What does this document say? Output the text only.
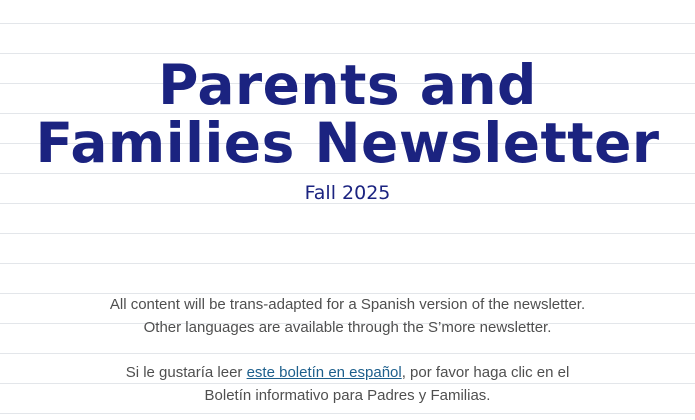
Parents and
Families Newsletter
Fall 2025
All content will be trans-adapted for a Spanish version of the newsletter.
Other languages are available through the S’more newsletter.
Si le gustaría leer este boletín en español, por favor haga clic en el
Boletín informativo para Padres y Familias.
